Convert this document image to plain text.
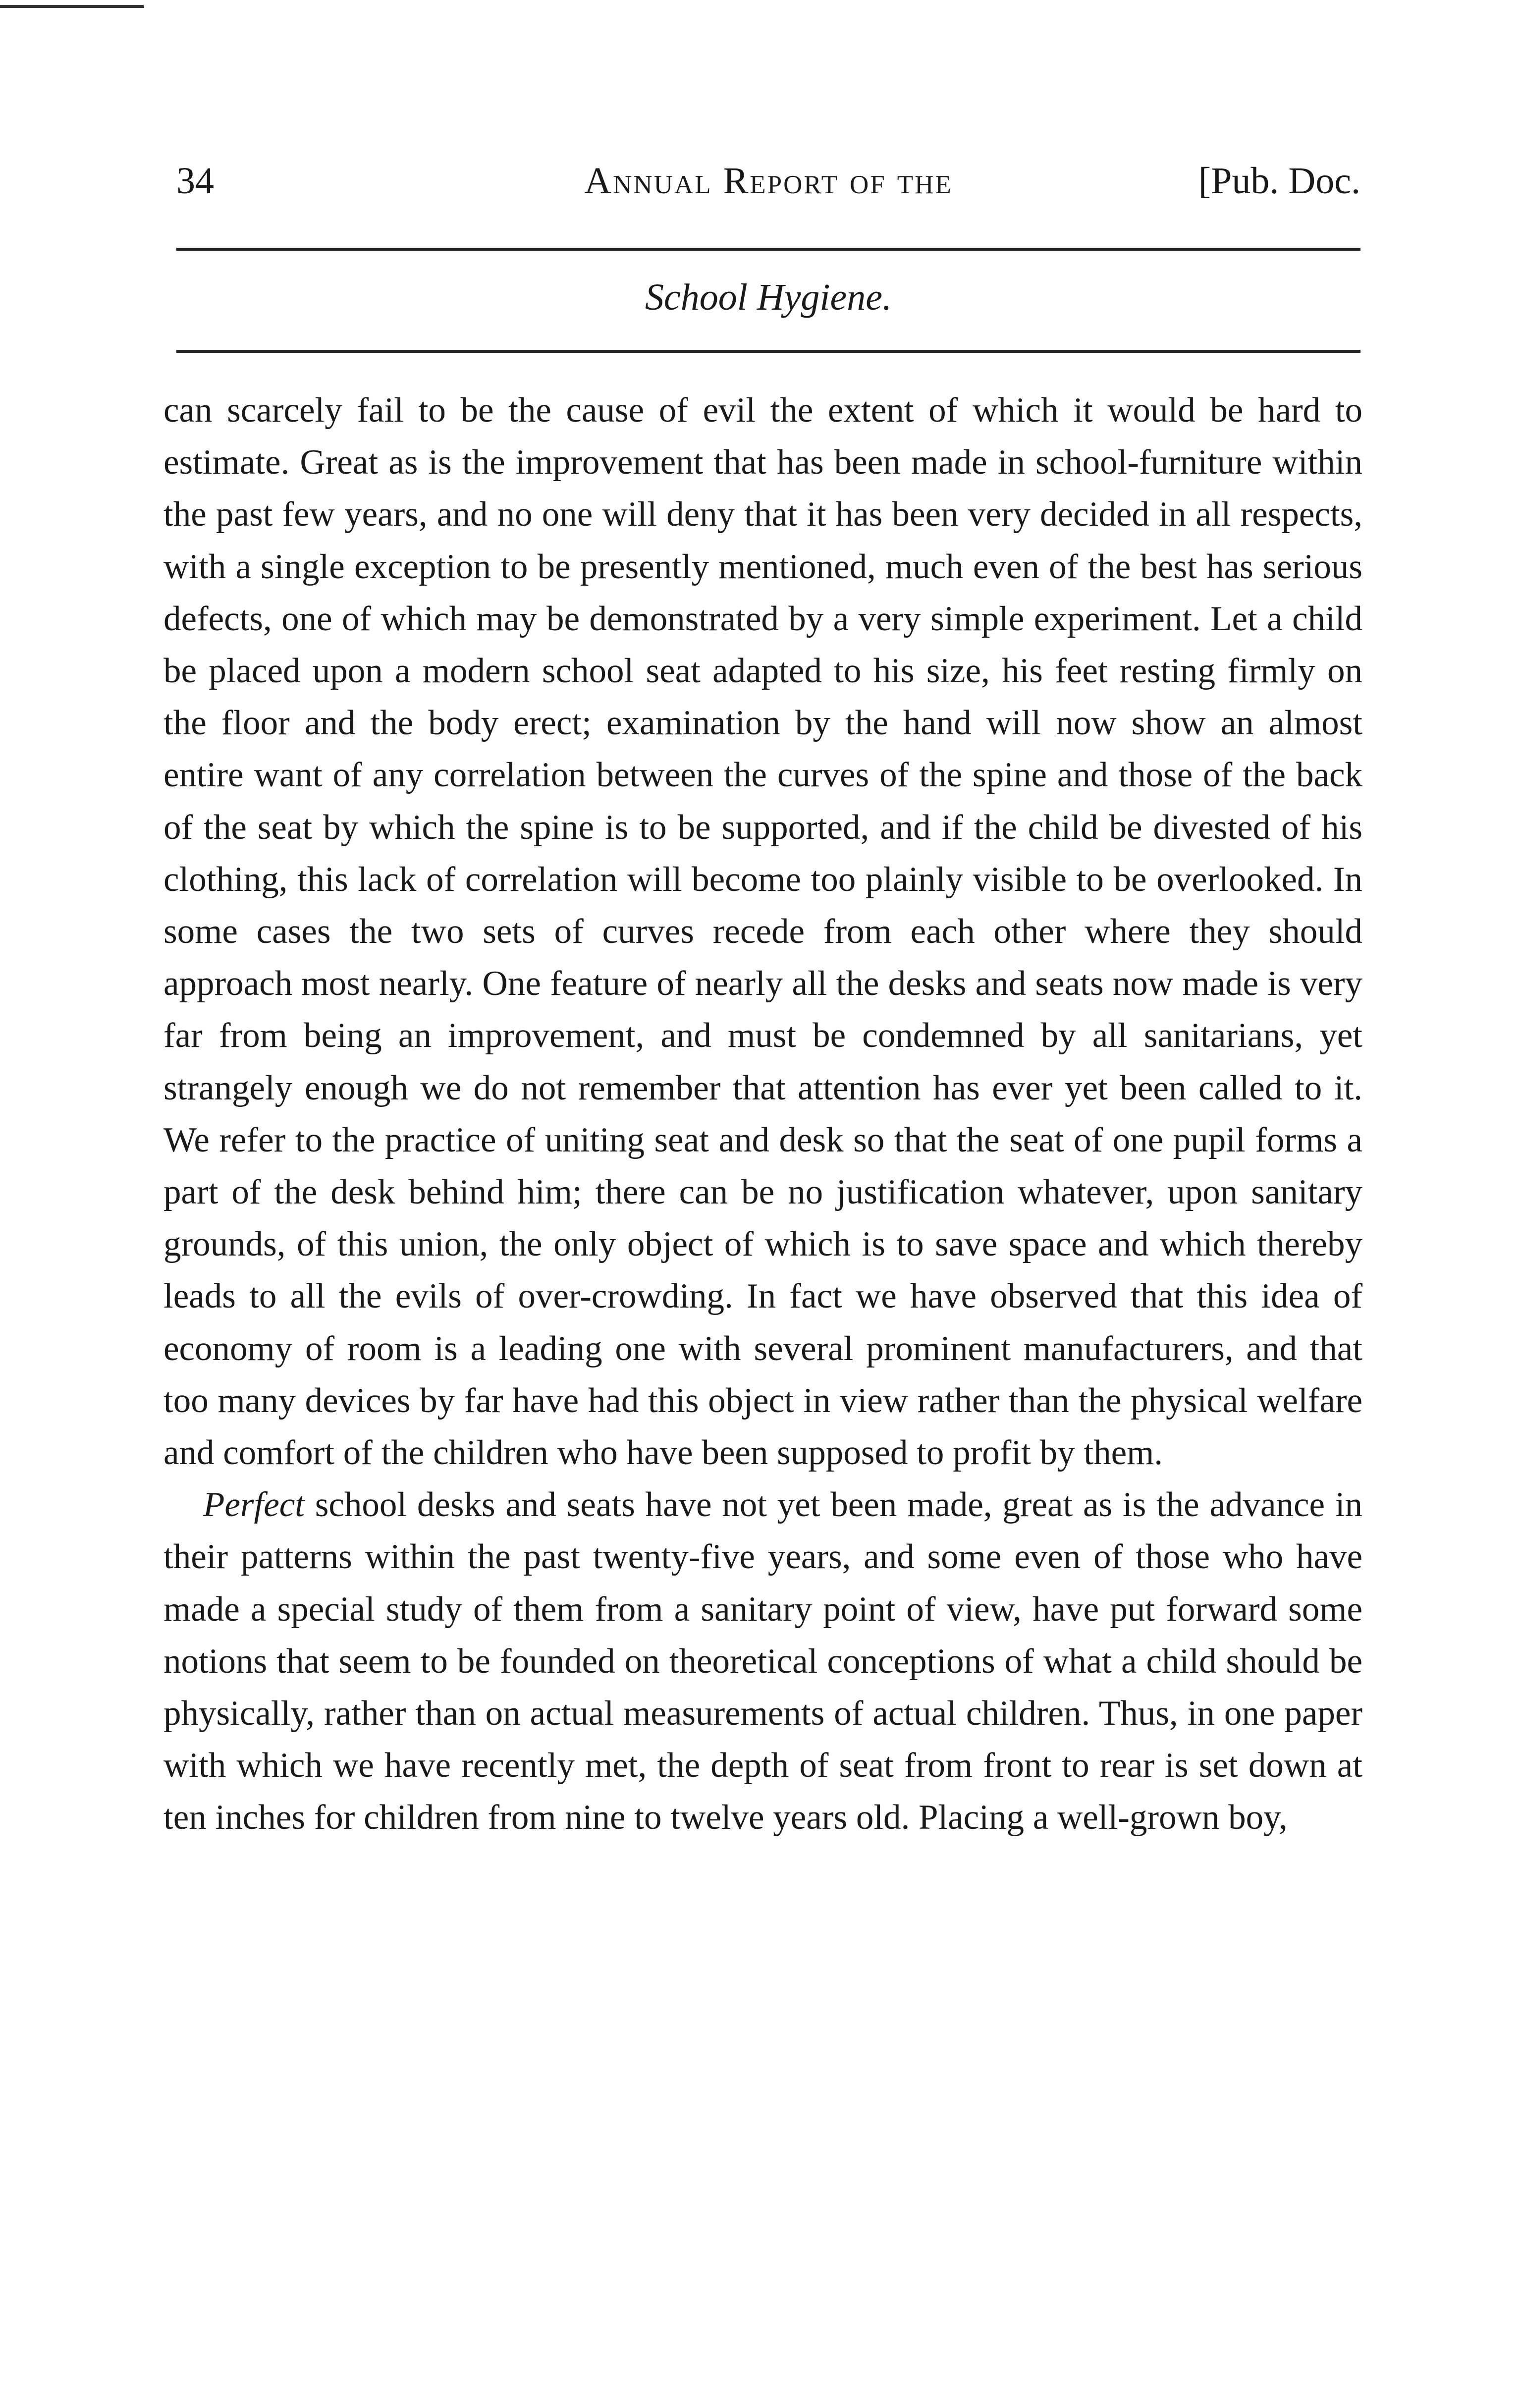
34	Annual Report of the	[Pub. Doc.
School Hygiene.

can scarcely fail to be the cause of evil the extent of which it would be hard to estimate. Great as is the improvement that has been made in school-furniture within the past few years, and no one will deny that it has been very decided in all respects, with a single exception to be presently mentioned, much even of the best has serious defects, one of which may be demonstrated by a very simple experiment. Let a child be placed upon a modern school seat adapted to his size, his feet resting firmly on the floor and the body erect; examination by the hand will now show an almost entire want of any correlation between the curves of the spine and those of the back of the seat by which the spine is to be supported, and if the child be divested of his clothing, this lack of correlation will become too plainly visible to be overlooked. In some cases the two sets of curves recede from each other where they should approach most nearly. One feature of nearly all the desks and seats now made is very far from being an improvement, and must be condemned by all sanitarians, yet strangely enough we do not remember that attention has ever yet been called to it. We refer to the practice of uniting seat and desk so that the seat of one pupil forms a part of the desk behind him; there can be no justification whatever, upon sanitary grounds, of this union, the only object of which is to save space and which thereby leads to all the evils of over-crowding. In fact we have observed that this idea of economy of room is a leading one with several prominent manufacturers, and that too many devices by far have had this object in view rather than the physical welfare and comfort of the children who have been supposed to profit by them.

Perfect school desks and seats have not yet been made, great as is the advance in their patterns within the past twenty-five years, and some even of those who have made a special study of them from a sanitary point of view, have put forward some notions that seem to be founded on theoretical conceptions of what a child should be physically, rather than on actual measurements of actual children. Thus, in one paper with which we have recently met, the depth of seat from front to rear is set down at ten inches for children from nine to twelve years old. Placing a well-grown boy,
